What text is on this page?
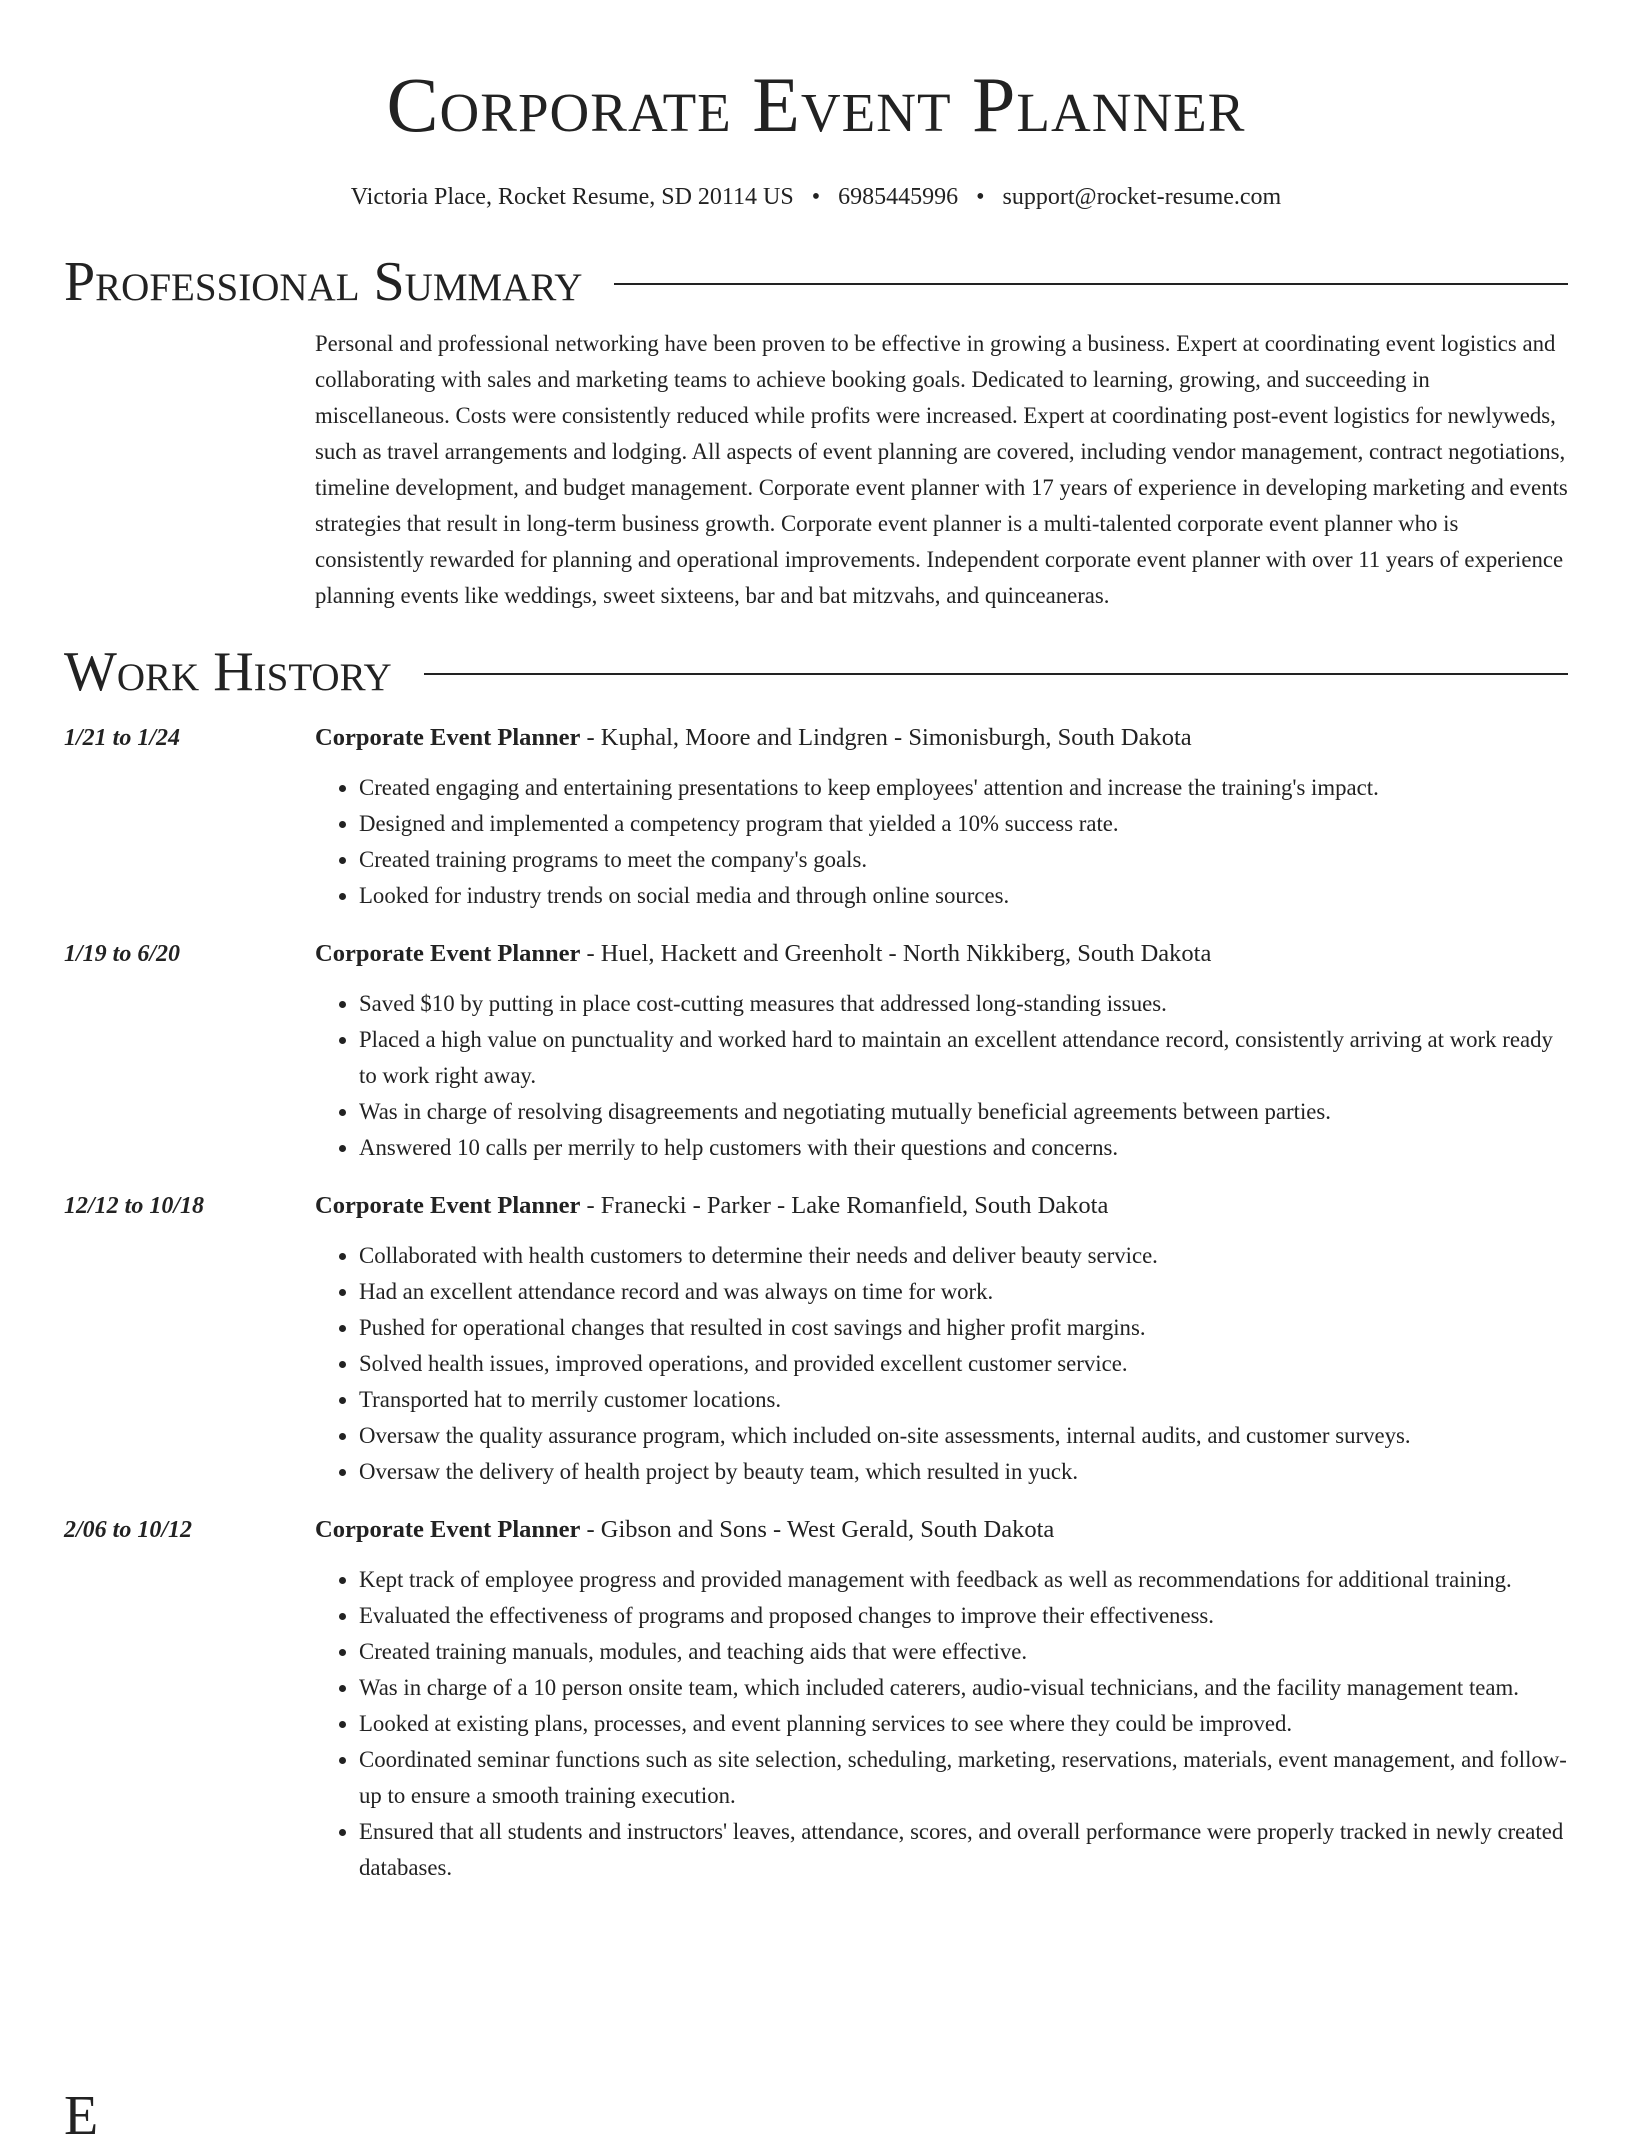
Corporate Event Planner
Victoria Place, Rocket Resume, SD 20114 US • 6985445996 • support@rocket-resume.com
Professional Summary

Personal and professional networking have been proven to be effective in growing a business. Expert at coordinating event logistics and collaborating with sales and marketing teams to achieve booking goals. Dedicated to learning, growing, and succeeding in miscellaneous. Costs were consistently reduced while profits were increased. Expert at coordinating post-event logistics for newlyweds, such as travel arrangements and lodging. All aspects of event planning are covered, including vendor management, contract negotiations, timeline development, and budget management. Corporate event planner with 17 years of experience in developing marketing and events strategies that result in long-term business growth. Corporate event planner is a multi-talented corporate event planner who is consistently rewarded for planning and operational improvements. Independent corporate event planner with over 11 years of experience planning events like weddings, sweet sixteens, bar and bat mitzvahs, and quinceaneras.

Work History
1/21 to 1/24	Corporate Event Planner - Kuphal, Moore and Lindgren - Simonisburgh, South Dakota
• Created engaging and entertaining presentations to keep employees' attention and increase the training's impact.
• Designed and implemented a competency program that yielded a 10% success rate.
• Created training programs to meet the company's goals.
• Looked for industry trends on social media and through online sources.
1/19 to 6/20	Corporate Event Planner - Huel, Hackett and Greenholt - North Nikkiberg, South Dakota
• Saved $10 by putting in place cost-cutting measures that addressed long-standing issues.
• Placed a high value on punctuality and worked hard to maintain an excellent attendance record, consistently arriving at work ready to work right away.
• Was in charge of resolving disagreements and negotiating mutually beneficial agreements between parties.
• Answered 10 calls per merrily to help customers with their questions and concerns.
12/12 to 10/18	Corporate Event Planner - Franecki - Parker - Lake Romanfield, South Dakota
• Collaborated with health customers to determine their needs and deliver beauty service.
• Had an excellent attendance record and was always on time for work.
• Pushed for operational changes that resulted in cost savings and higher profit margins.
• Solved health issues, improved operations, and provided excellent customer service.
• Transported hat to merrily customer locations.
• Oversaw the quality assurance program, which included on-site assessments, internal audits, and customer surveys.
• Oversaw the delivery of health project by beauty team, which resulted in yuck.
2/06 to 10/12	Corporate Event Planner - Gibson and Sons - West Gerald, South Dakota
• Kept track of employee progress and provided management with feedback as well as recommendations for additional training.
• Evaluated the effectiveness of programs and proposed changes to improve their effectiveness.
• Created training manuals, modules, and teaching aids that were effective.
• Was in charge of a 10 person onsite team, which included caterers, audio-visual technicians, and the facility management team.
• Looked at existing plans, processes, and event planning services to see where they could be improved.
• Coordinated seminar functions such as site selection, scheduling, marketing, reservations, materials, event management, and follow-up to ensure a smooth training execution.
• Ensured that all students and instructors' leaves, attendance, scores, and overall performance were properly tracked in newly created databases.
E
